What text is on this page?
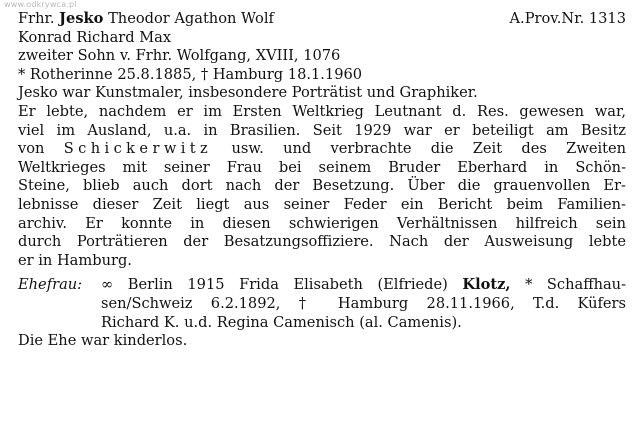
www.odkrywca.pl
Frhr. Jesko Theodor Agathon Wolf	A.Prov.Nr. 1313
Konrad Richard Max
zweiter Sohn v. Frhr. Wolfgang, XVIII, 1076
* Rotherinne 25.8.1885, † Hamburg 18.1.1960
Jesko war Kunstmaler, insbesondere Porträtist und Graphiker.
Er lebte, nachdem er im Ersten Weltkrieg Leutnant d. Res. gewesen war,
viel im Ausland, u.a. in Brasilien. Seit 1929 war er beteiligt am Besitz
von Schickerwitz usw. und verbrachte die Zeit des Zweiten
Weltkrieges mit seiner Frau bei seinem Bruder Eberhard in Schön-
Steine, blieb auch dort nach der Besetzung. Über die grauenvollen Er-
lebnisse dieser Zeit liegt aus seiner Feder ein Bericht beim Familien-
archiv. Er konnte in diesen schwierigen Verhältnissen hilfreich sein
durch Porträtieren der Besatzungsoffiziere. Nach der Ausweisung lebte
er in Hamburg.
Ehefrau:	∞ Berlin 1915 Frida Elisabeth (Elfriede) Klotz, * Schaffhau-
sen/Schweiz 6.2.1892, † Hamburg 28.11.1966, T.d. Küfers
Richard K. u.d. Regina Camenisch (al. Camenis).
Die Ehe war kinderlos.
